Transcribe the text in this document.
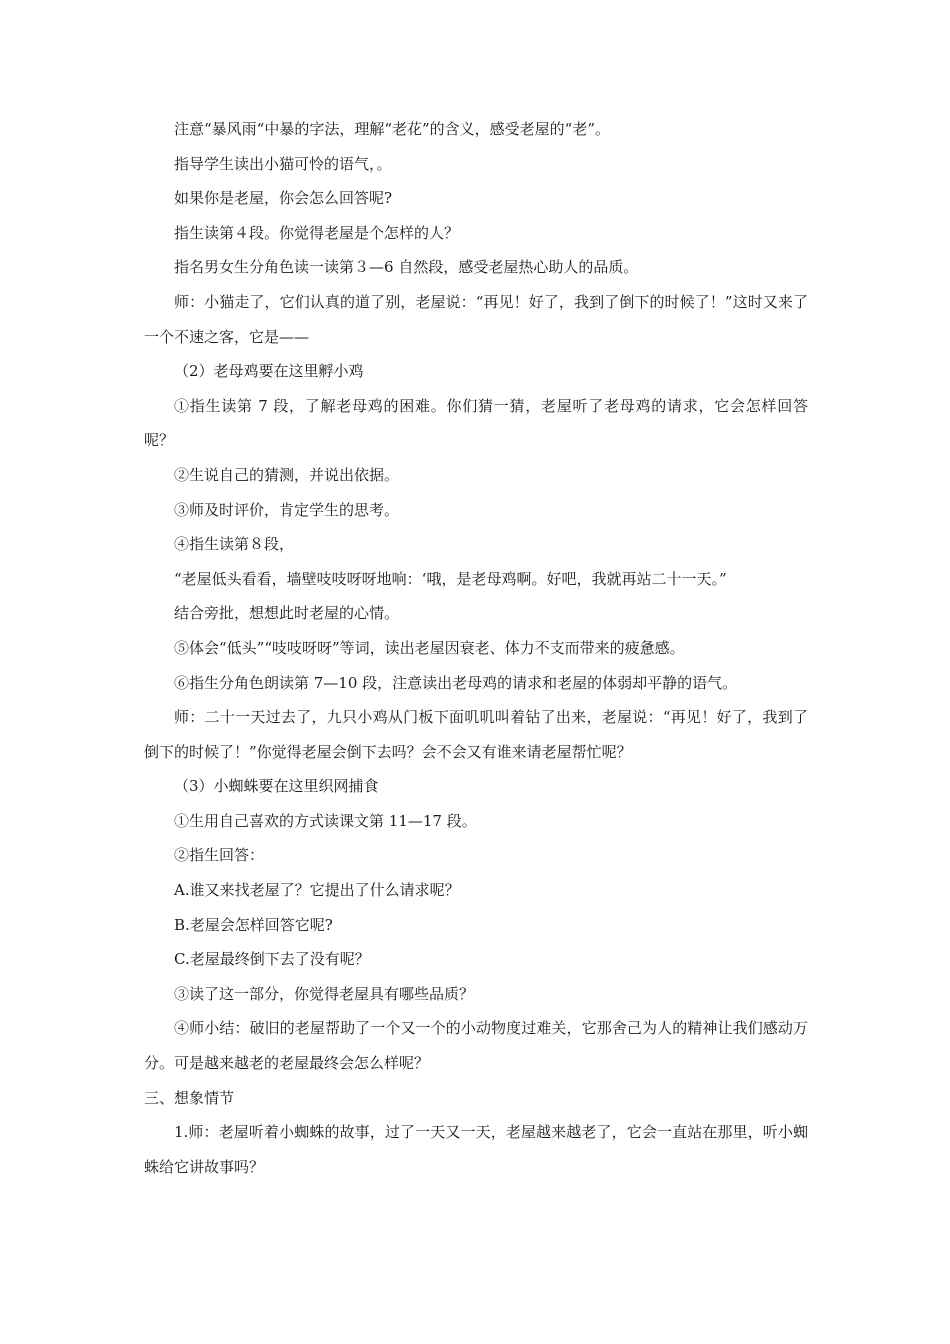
注意“暴风雨“中暴的字法，理解“老花”的含义，感受老屋的“老”。

指导学生读出小猫可怜的语气，。

如果你是老屋，你会怎么回答呢?

指生读第４段。你觉得老屋是个怎样的人？

指名男女生分角色读一读第３—6 自然段，感受老屋热心助人的品质。

师：小猫走了，它们认真的道了别，老屋说：“再见！好了，我到了倒下的时候了！”这时又来了一个不速之客，它是——

（2）老母鸡要在这里孵小鸡

①指生读第 7 段，了解老母鸡的困难。你们猜一猜，老屋听了老母鸡的请求，它会怎样回答呢？

②生说自己的猜测，并说出依据。

③师及时评价，肯定学生的思考。

④指生读第８段，

“老屋低头看看，墙壁吱吱呀呀地响：‘哦，是老母鸡啊。好吧，我就再站二十一天。”

结合旁批，想想此时老屋的心情。

⑤体会“低头”“吱吱呀呀”等词，读出老屋因衰老、体力不支而带来的疲惫感。

⑥指生分角色朗读第 7—10 段，注意读出老母鸡的请求和老屋的体弱却平静的语气。

师：二十一天过去了，九只小鸡从门板下面叽叽叫着钻了出来，老屋说：“再见！好了，我到了倒下的时候了！”你觉得老屋会倒下去吗？会不会又有谁来请老屋帮忙呢？

（3）小蜘蛛要在这里织网捕食

①生用自己喜欢的方式读课文第 11—17 段。

②指生回答：

A.谁又来找老屋了？它提出了什么请求呢？

B.老屋会怎样回答它呢?

C.老屋最终倒下去了没有呢？

③读了这一部分，你觉得老屋具有哪些品质？

④师小结：破旧的老屋帮助了一个又一个的小动物度过难关，它那舍己为人的精神让我们感动万分。可是越来越老的老屋最终会怎么样呢？

三、想象情节

1.师：老屋听着小蜘蛛的故事，过了一天又一天，老屋越来越老了，它会一直站在那里，听小蜘蛛给它讲故事吗？
